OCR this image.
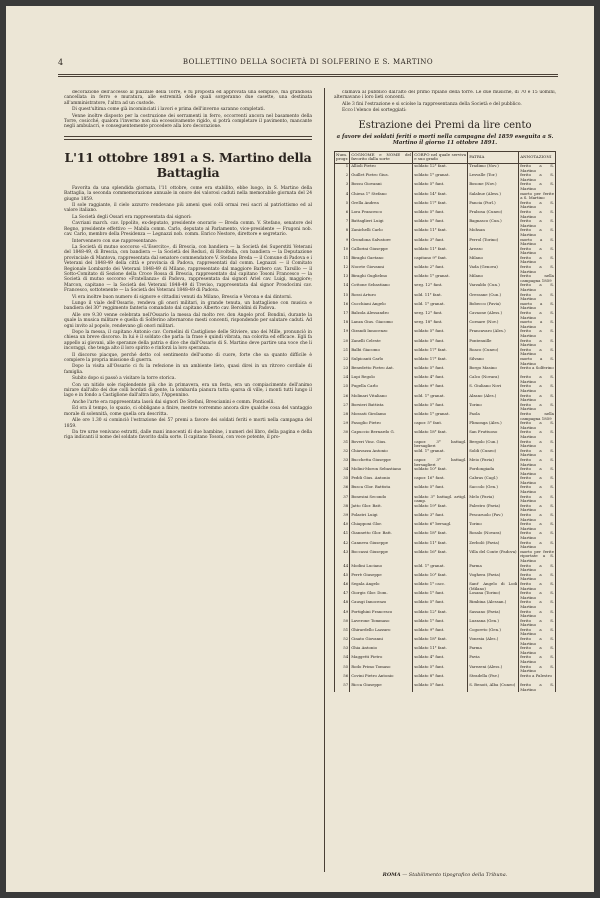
4	BOLLETTINO DELLA SOCIETÀ DI SOLFERINO E S. MARTINO

decorazione dell'accesso al piazzale della Torre, e fu proposta ed approvata una semplice, ma grandiosa cancellata in ferro e muratura, alle estremità delle quali sorgeranno due casette, una destinata all'amministratore, l'altra ad un custode.

Di quest'ultima come già incominciati i lavori e prima dell'inverno saranno completati.

Venne inoltre disposto per la costruzione dei serramenti in ferro, occorrenti ancora nel basamento della Torre, cosicché, qualora l'inverno non sia eccessivamente rigido, si potrà completare il pavimento, mancante negli ambulacri, e conseguentemente procedere alla loro decorazione.

L'11 ottobre 1891 a S. Martino della Battaglia

Favorita da una splendida giornata, l'11 ottobre, come era stabilito, ebbe luogo, in S. Martino della Battaglia, la seconda commemorazione annuale in onore dei valorosi caduti nella memorabile giornata del 24 giugno 1859.

Il sole raggiante, il cielo azzurro rendevano più ameni quei colli ormai resi sacri al patriottismo ed al valore italiano.

La Società degli Ossari era rappresentata dai signori:

Cavriani march. cav. Ippolito, ex-deputato, presidente onorario — Breda comm. V. Stefano, senatore del Regno, presidente effettivo — Mabila comm. Carlo, deputato al Parlamento, vice-presidente — Frugoni nob. cav. Carlo, membro della Presidenza — Legnazzi nob. comm. Enrico Nestore, direttore e segretario.

Intervennero con sue rappresentanze:

La Società di mutuo soccorso «L'Esercito», di Brescia, con bandiera — la Società dei Superstiti Veterani del 1848-49, di Brescia, con bandiera — la Società dei Reduci, di Rivoltella, con bandiera — la Deputazione provinciale di Mantova, rappresentata dal senatore commendatore V. Stefano Breda — il Comune di Padova e i Veterani del 1848-49 della città e provincia di Padova, rappresentati dal comm. Legnazzi — il Comitato Regionale Lombardo dei Veterani 1848-49 di Milano, rappresentato dal maggiore Barbero cav. Tarsillo — il Sotto-Comitato di Sezione della Croce Rossa di Brescia, rappresentato dal capitano Tosoni Francesco — la Società di mutuo soccorso «Fratellanza» di Padova, rappresentata dai signori Ariel cav. Luigi, maggiore; Marcon, capitano — la Società dei Veterani 1848-49 di Treviso, rappresentata dal signor Prosdocimi cav. Francesco, sottotenente — la Società dei Veterani 1848-49 di Padova.

Vi era inoltre buon numero di signore e cittadini venuti da Milano, Brescia e Verona e dai dintorni.

Lungo il viale dell'Ossario, rendeva gli onori militari, in grande tenuta, un battaglione con musica e bandiera del 30° reggimento fanteria comandato dal capitano Alberto cav. Beroldini di Padova.

Alle ore 9.30 venne celebrata nell'Ossario la messa dal molto rev. don Angelo prof. Bondini, durante la quale la musica militare e quella di Solferino alternarono mesti concenti, rispondendo per salutare caduti. Ad ogni invito al popolo, rendevano gli onori militari.

Dopo la messa, il capitano Antonio cav. Cornelini di Castiglione delle Stiviere, uno dei Mille, pronunciò in chiesa un breve discorso. In lui è il soldato che parla: la frase è quindi vibrata, ma colorita ed efficace. Egli fa appello ai giovani, alle speranze della patria e dice che dall'Ossario di S. Martino deve partire una voce che li incoraggi, che tenga alto il loro spirito e rinforzi la loro speranza.

Il discorso piacque, perché detto col sentimento dell'uomo di cuore, forte che sa quanto difficile è compiere la propria missione di guerra.

Dopo la visita all'Ossario ci fu la refezione in un ambiente lieto, quasi direi in un ritrovo cordiale di famiglia.

Subito dopo si passò a visitare la torre storica.

Con un nitido sole risplendente più che in primavera, era un festa, era un compiacimento dell'animo mirare dall'alto dei due colli bordati di gente, la lombarda pianura tutta sparsa di ville, i monti tutti lungo il lago e in fondo a Castiglione dall'altra lato, l'Appennino.

Anche l'arte era rappresentata lassù dai signori De Stefani, Brescianini e comm. Ponticelli.

Ed ora il tempo, lo spazio, ci obbligano a finire, mentre vorremmo ancora dire qualche cosa del vantaggio morale di solennità, come quella ora descritta.

Alle ore 1.30 si cominciò l'estrazione dei 57 premi a favore dei soldati feriti e morti nella campagna del 1859.

Da tre urne venivano estratti, dalle mani innocenti di due bambine, i numeri del libro, della pagina e della riga indicanti il nome del soldato favorito dalla sorte. Il capitano Tosoni, con voce potente, il pro-

clamava al pubblico dall'alto del primo ripiano della torre. Le due musiche, di 70 e 15 uomini, alternavano i loro lieti concenti.

Alle 3 fini l'estrazione e si sciolse la rappresentanza della Società e del pubblico.

Ecco l'elenco dei sorteggiati:

Estrazione dei Premi da lire cento
a favore dei soldati feriti o morti nella campagna del 1859 eseguita a S. Martino il giorno 11 ottobre 1891.
Num. progr.	COGNOME e NOME del favorito dalla sorte	CORPO nel quale serviva e suo grado	PATRIA	ANNOTAZIONI
1	Allioli Pietro	soldato 12° fant.	Tradimo (Nov.)	ferito a S. Martino
2	Guillet Pietro Gius.	soldato 1° granat.	Lesvalle (Tor.)	ferito a S. Martino
3	Bossu Giovanni	soldato 5° fant.	Bosone (Nov.)	ferito a S. Martino
4	Chiesa 1° Stefano	soldato 14° fant.	Salabue (Aless.)	morto per ferite a S. Martino
5	Grella Andrea	soldato 17° fant.	Pancia (Porl.)	ferito a S. Martino
6	Lora Francesco	soldato 5° fant.	Frabosa (Cuneo)	ferito a S. Martino
7	Battaglieri Luigi	soldato 5° fant.	Bagnasco (Cun.)	ferito a S. Martino
8	Zanichelli Carlo	soldato 11° fant.	Mohsan	ferito a S. Martino
9	Grondona Salvatore	soldato 3° fant.	Ferrol (Torino)	morto a S. Martino
10	Callorini Giuseppe	soldato 11° fant.	Arezzo	ferito a S. Martino
11	Biraghi Gaetano	capitano 9° fant.	Milano	ferito a S. Martino
12	Nocete Giovanni	soldato 2° fant.	Vada (Genova)	ferito a S. Martino
13	Biraghi Guglielmo	soldato 1° granat.	Milano	ferito nella campagna 1859
14	Cottone Sebastiano	serg. 12° fant.	Varzaldo (Cun.)	ferito a S. Martino
15	Rossi Arturo	sold. 11° fant.	Gressane (Cun.)	ferito a S. Martino
16	Cucchiani Angelo	sold. 1° granat.	Bobecco (Pavia)	morto a S. Martino
17	Balzola Alessandro	serg. 12° fant.	Cavaone (Aless.)	ferito a S. Martino
18	Lanza Gius. Giacomo	serg. 18° fant.	Cornare (Nov.)	morto a S. Martino
19	Girandi Innocenzo	soldato 5° fant.	Francavaro (Ales.)	ferito a S. Martino
20	Zanelli Celeste	soldato 5° fant.	Pontenuille	ferito a S. Martino
21	Balbi Giacomo	soldato 17° fant.	Roaco (Cuneo)	ferito a S. Martino
22	Sulpicanti Carlo	soldato 17° fant.	Silvano	morto a S. Martino
23	Benedetto Pietro Ant.	soldato 5° fant.	Borgo Masino	ferito a Solferino
24	Lupi Regolo	soldato 4° fant.	Calco (Novara)	ferito a S. Martino
25	Pugella Carlo	soldato 9° fant.	S. Giuliano Novi	ferito a S. Martino
26	Molinari Vitaliano	sold. 1° granat.	Alzano (Ales.)	ferito a S. Martino
27	Borsieri Battista	soldato 5° fant.	Torino	ferito a S. Martino
28	Mossati Girolamo	soldato 1° granat.	Paola	ferito nella campagna 1859
29	Fasoglio Pietro	capor. 5° fant.	Flimonga (Ales.)	ferito a S. Martino
30	Capuccio Bernardo G.	soldato 18° fant.	San Fruttuoso	ferito a S. Martino
31	Boveri Vinc. Gius.	capor. 3° battagl. bersaglieri	Bergolo (Cun.)	ferito a S. Martino
32	Chiavazza Antonio	sold. 1° granat.	Soldi (Cuneo)	ferito a S. Martino
33	Bucchetta Giuseppe	capor. 3° battagl. bersaglieri	Meio (Pavia)	ferito a S. Martino
34	Molini-Moron Sebastiano	soldato 10° fant.	Fordongiada	ferito a S. Martino
35	Peddi Gius. Antonio	capor. 16° fant.	Cabras (Cagl.)	ferito a S. Martino
36	Busca Glor. Battista	soldato 5° fant.	Saccolo (Gen.)	ferito a S. Martino
37	Bonesini Secondo	soldato 3° battagl. artigl. camp.	Melo (Pavia)	ferito a S. Martino
38	Jatto Glor. Batt.	soldato 19° fant.	Palestro (Pavia)	ferito a S. Martino
39	Polastri Luigi	soldato 3° fant.	Pescaruolo (Pav.)	ferito a S. Martino
40	Chiapponi Glor.	soldato 6° bersagl.	Torino	ferito a S. Martino
41	Giannetto Glor. Batt.	soldato 18° fant.	Rosalo (Novara)	ferito a S. Martino
42	Canneva Giuseppe	soldato 11° fant.	Zerbolò (Pavia)	ferito a S. Martino
43	Boccassi Giuseppe	soldato 16° fant.	Villa del Conte (Padova)	morto per ferite riportate a S. Martino
44	Modini Luciano	sold. 1° granat.	Parma	ferito a S. Martino
45	Ferrè Giuseppe	soldato 10° fant.	Voghera (Pavia)	ferito a S. Martino
46	Segala Angelo	soldato 1° cacc.	Sant' Angelo di Lodi (Milano)	ferito a S. Martino
47	Giorgis Glor. Dom.	soldato 1° fant.	Losana (Torino)	ferito a S. Martino
48	Causgi Innocenzo	soldato 5° fant.	Rimbina (Alessan.)	ferito a S. Martino
49	Portighini Francesco	soldato 12° fant.	Sassano (Pavia)	ferito a S. Martino
50	Laverone Tommaso	soldato 1° fant.	Luzzana (Gen.)	ferito a S. Martino
51	Ghirardello Lazzaro	soldato 9° fant.	Cogoreto (Gen.)	ferito a S. Martino
52	Cinato Giovanni	soldato 18° fant.	Vonesia (Ales.)	ferito a S. Martino
53	Ghia Antonio	soldato 11° fant.	Parma	ferito a S. Martino
54	Maggetti Pietro	soldato 4° fant.	Pavia	ferito a S. Martino
55	Rodo Primo Tomaso	soldato 5° fant.	Varezeni (Aless.)	ferito a S. Martino
56	Covini Pietro Antonio	soldato 8° fant.	Stradella (Pav.)	ferito a Palestro
57	Ricca Giuseppe	soldato 5° fant.	S. Benoit, Alba (Cuneo)	ferito a S. Martino
ROMA — Stabilimento tipografico della Tribuna.
